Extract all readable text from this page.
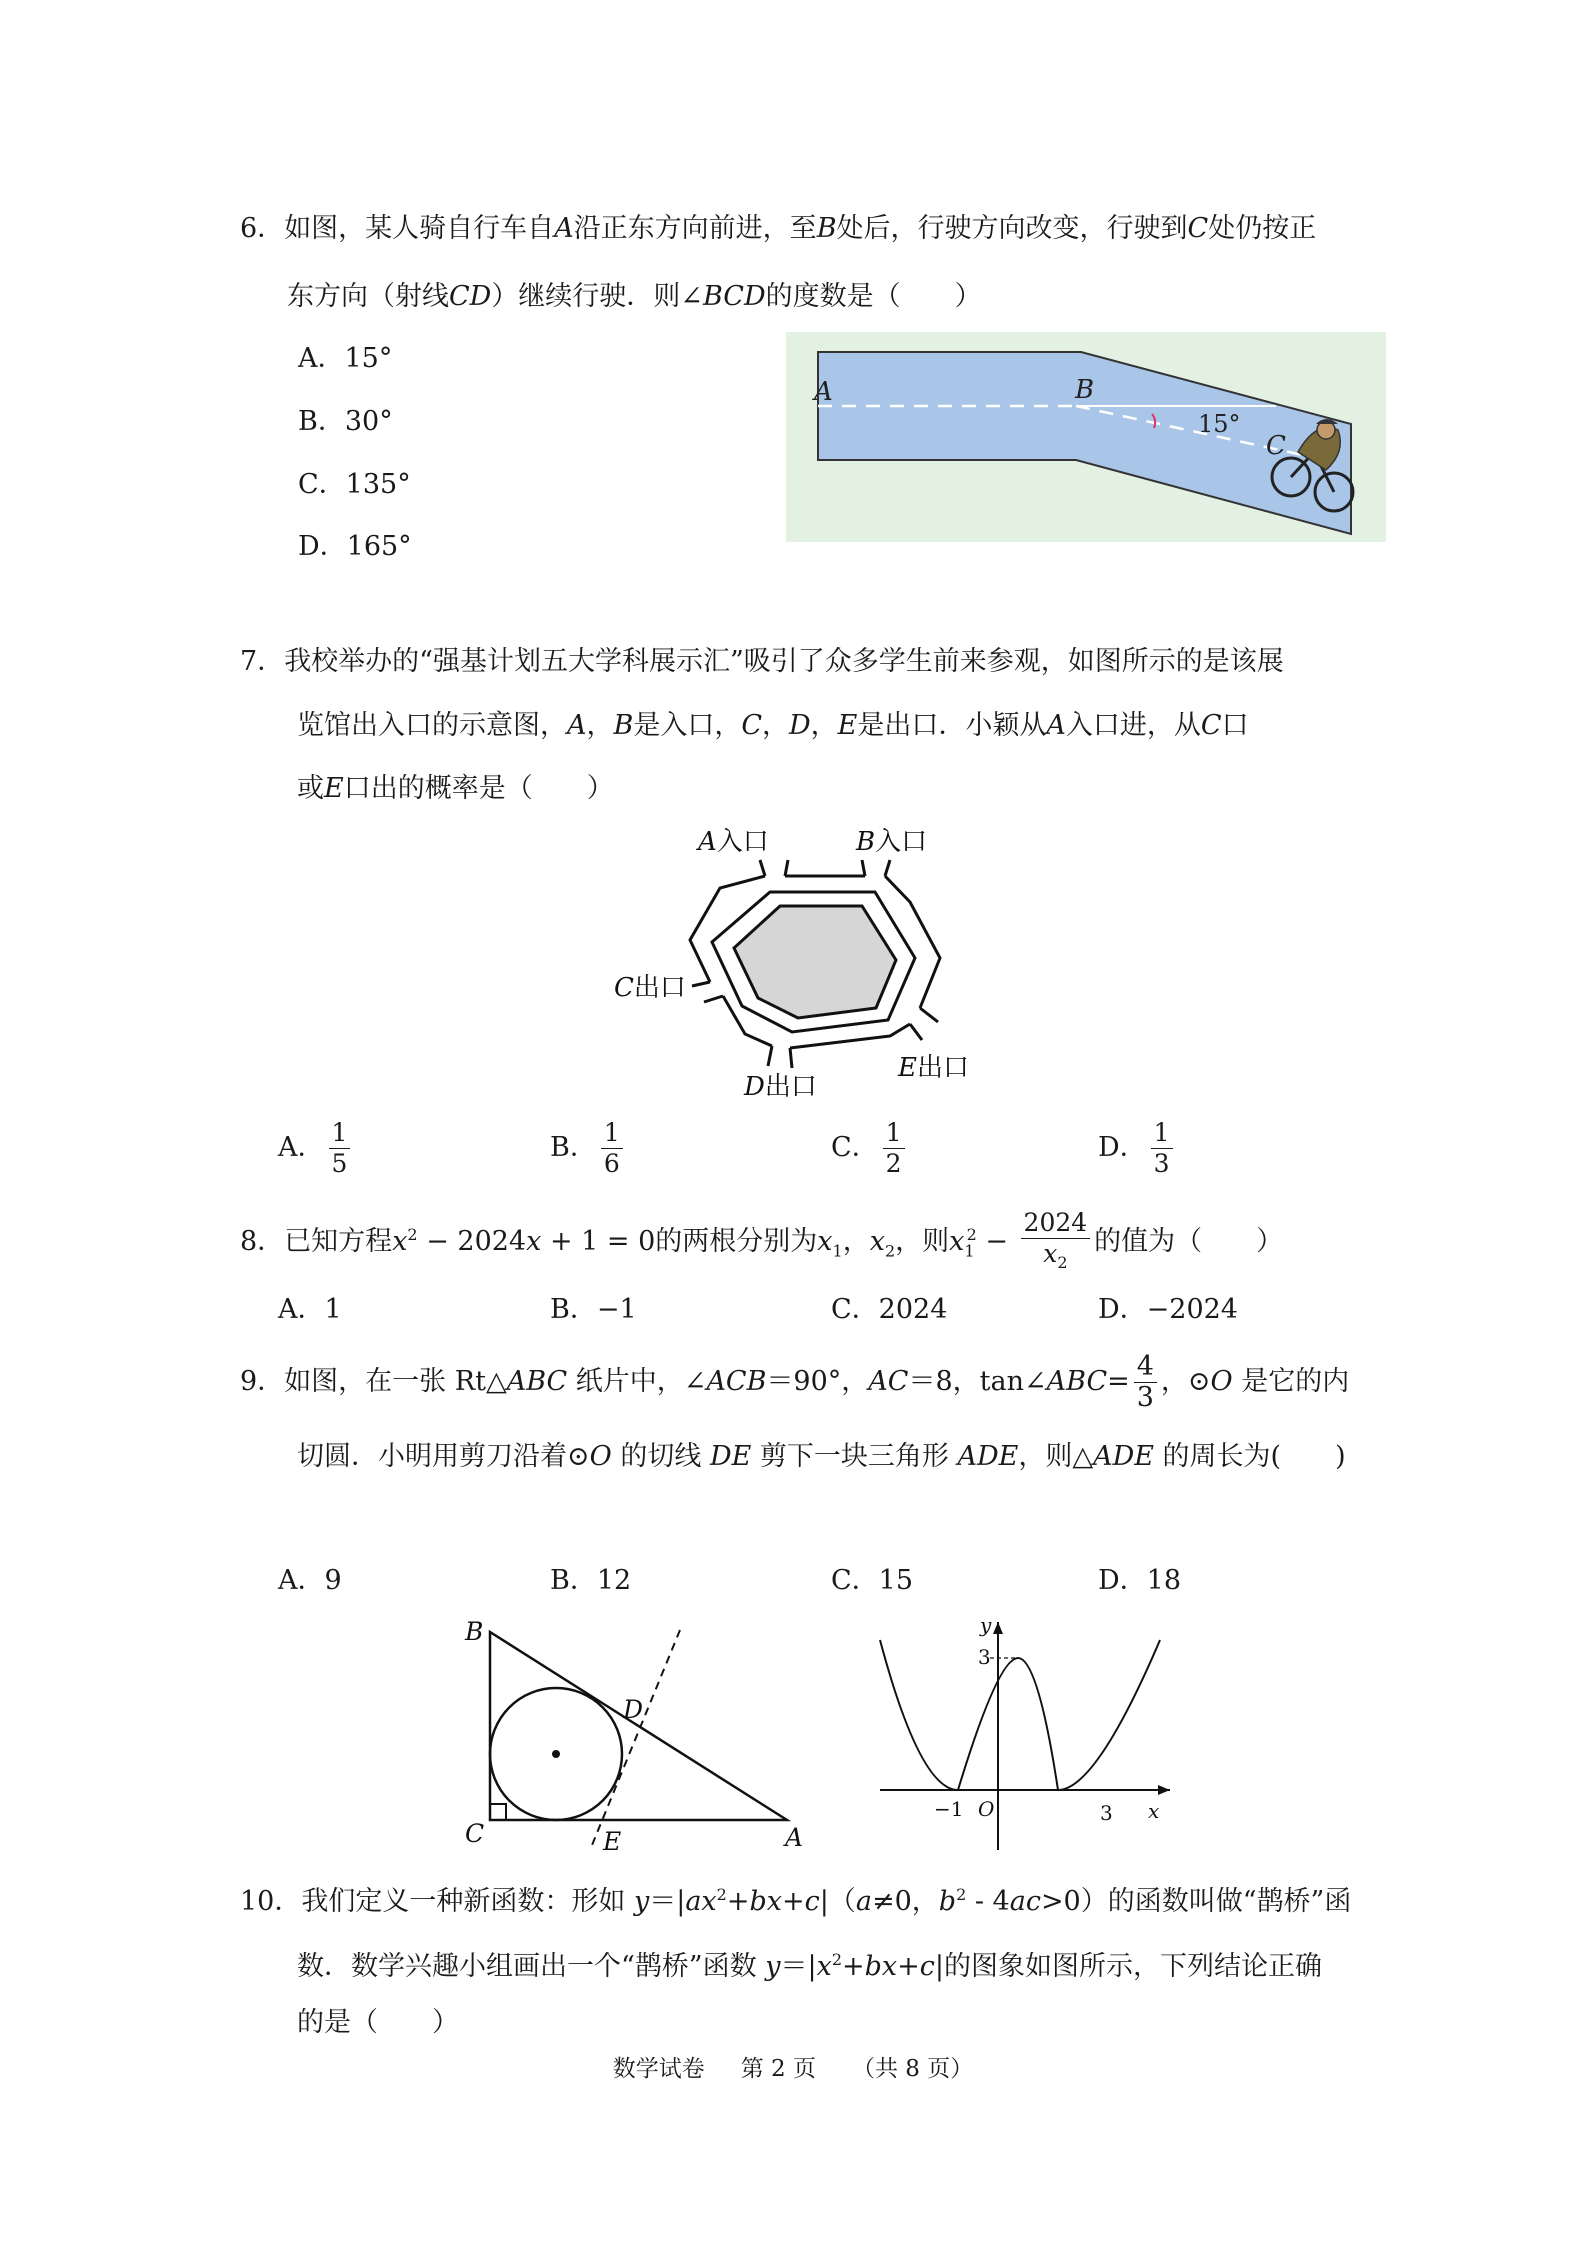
6．如图，某人骑自行车自A沿正东方向前进，至B处后，行驶方向改变，行驶到C处仍按正
东方向（射线CD）继续行驶．则∠BCD的度数是（　　）
A．15°
B．30°
C．135°
D．165°
A	B
15°
C
7．我校举办的“强基计划五大学科展示汇”吸引了众多学生前来参观，如图所示的是该展
览馆出入口的示意图，A，B是入口，C，D，E是出口．小颖从A入口进，从C口
或E口出的概率是（　　）
A入口	B入口
C出口
D出口
E出口
A． $\frac{1}{5}$	B． $\frac{1}{6}$	C． $\frac{1}{2}$	D． $\frac{1}{3}$
8．已知方程$x^2 - 2024x + 1 = 0$的两根分别为$x_1$，$x_2$，则$x_1^2 - \frac{2024}{x_2}$ 的值为（　　）
A．1	B．−1	C．2024	D．−2024
9．如图，在一张 Rt△ABC 纸片中，∠ACB＝90°，AC＝8，tan∠ABC= $\frac{4}{3}$ ，⊙O 是它的内
切圆．小明用剪刀沿着⊙O 的切线 DE 剪下一块三角形 ADE，则△ADE 的周长为(　　)
A．9	B．12	C．15	D．18
B
D
C	E	A
y
x
3
−1 O	3
10．我们定义一种新函数：形如 $y=|ax^2+bx+c|(a\ne 0$，$b^2 - 4ac>0$）的函数叫做“鹊桥”函
数．数学兴趣小组画出一个“鹊桥”函数 $y=|x^2+bx+c|$的图象如图所示，下列结论正确
的是（　　）
数学试卷 第 2 页 （共 8 页）
